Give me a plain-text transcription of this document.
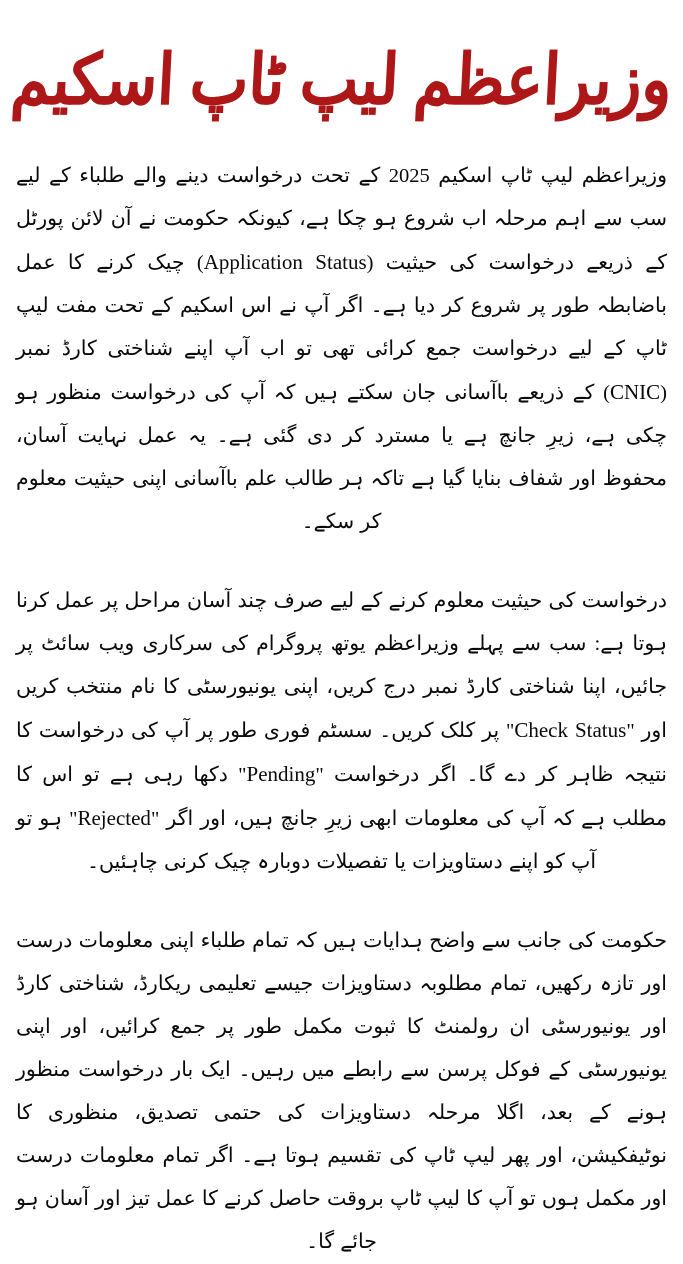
وزیراعظم لیپ ٹاپ اسکیم

وزیراعظم لیپ ٹاپ اسکیم 2025 کے تحت درخواست دینے والے طلباء کے لیے سب سے اہم مرحلہ اب شروع ہو چکا ہے، کیونکہ حکومت نے آن لائن پورٹل کے ذریعے درخواست کی حیثیت (Application Status) چیک کرنے کا عمل باضابطہ طور پر شروع کر دیا ہے۔ اگر آپ نے اس اسکیم کے تحت مفت لیپ ٹاپ کے لیے درخواست جمع کرائی تھی تو اب آپ اپنے شناختی کارڈ نمبر (CNIC) کے ذریعے باآسانی جان سکتے ہیں کہ آپ کی درخواست منظور ہو چکی ہے، زیرِ جانچ ہے یا مسترد کر دی گئی ہے۔ یہ عمل نہایت آسان، محفوظ اور شفاف بنایا گیا ہے تاکہ ہر طالب علم باآسانی اپنی حیثیت معلوم کر سکے۔

درخواست کی حیثیت معلوم کرنے کے لیے صرف چند آسان مراحل پر عمل کرنا ہوتا ہے: سب سے پہلے وزیراعظم یوتھ پروگرام کی سرکاری ویب سائٹ پر جائیں، اپنا شناختی کارڈ نمبر درج کریں، اپنی یونیورسٹی کا نام منتخب کریں اور "Check Status" پر کلک کریں۔ سسٹم فوری طور پر آپ کی درخواست کا نتیجہ ظاہر کر دے گا۔ اگر درخواست "Pending" دکھا رہی ہے تو اس کا مطلب ہے کہ آپ کی معلومات ابھی زیرِ جانچ ہیں، اور اگر "Rejected" ہو تو آپ کو اپنے دستاویزات یا تفصیلات دوبارہ چیک کرنی چاہئیں۔

حکومت کی جانب سے واضح ہدایات ہیں کہ تمام طلباء اپنی معلومات درست اور تازہ رکھیں، تمام مطلوبہ دستاویزات جیسے تعلیمی ریکارڈ، شناختی کارڈ اور یونیورسٹی ان رولمنٹ کا ثبوت مکمل طور پر جمع کرائیں، اور اپنی یونیورسٹی کے فوکل پرسن سے رابطے میں رہیں۔ ایک بار درخواست منظور ہونے کے بعد، اگلا مرحلہ دستاویزات کی حتمی تصدیق، منظوری کا نوٹیفکیشن، اور پھر لیپ ٹاپ کی تقسیم ہوتا ہے۔ اگر تمام معلومات درست اور مکمل ہوں تو آپ کا لیپ ٹاپ بروقت حاصل کرنے کا عمل تیز اور آسان ہو جائے گا۔
